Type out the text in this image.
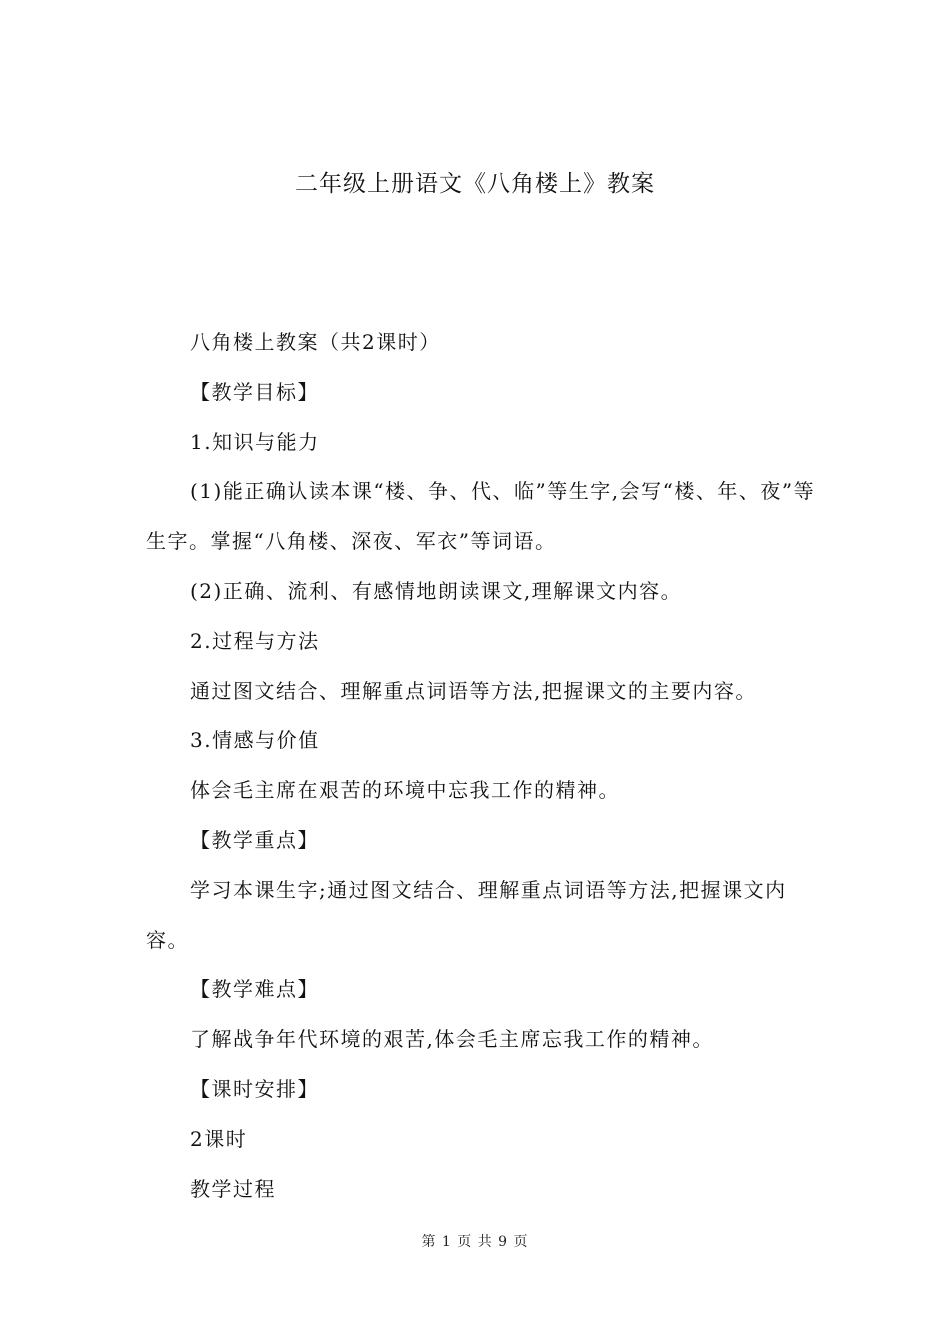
二年级上册语文《八角楼上》教案

八角楼上教案（共2课时）

【教学目标】

1.知识与能力

(1)能正确认读本课“楼、争、代、临”等生字,会写“楼、年、夜”等生字。掌握“八角楼、深夜、军衣”等词语。

(2)正确、流利、有感情地朗读课文,理解课文内容。

2.过程与方法

通过图文结合、理解重点词语等方法,把握课文的主要内容。

3.情感与价值

体会毛主席在艰苦的环境中忘我工作的精神。

【教学重点】

学习本课生字;通过图文结合、理解重点词语等方法,把握课文内容。

【教学难点】

了解战争年代环境的艰苦,体会毛主席忘我工作的精神。

【课时安排】

2课时

教学过程

第 1 页 共 9 页
